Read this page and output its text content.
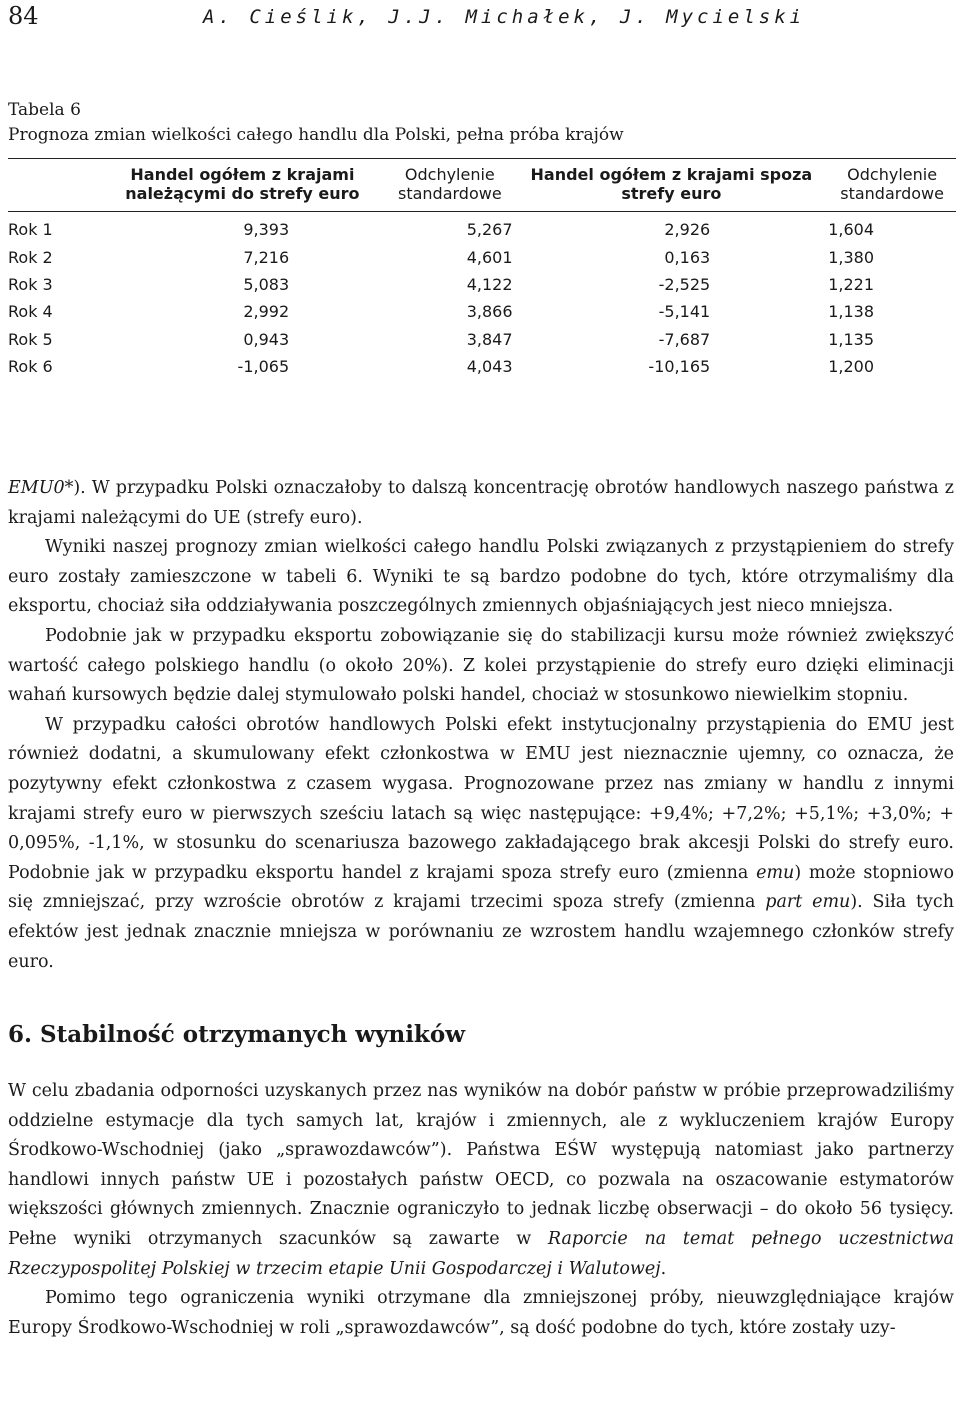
84	A. Cieślik, J.J. Michałek, J. Mycielski
Tabela 6
Prognoza zmian wielkości całego handlu dla Polski, pełna próba krajów
	Handel ogółem z krajami należącymi do strefy euro	Odchylenie standardowe	Handel ogółem z krajami spoza strefy euro	Odchylenie standardowe
Rok 1	9,393	5,267	2,926	1,604
Rok 2	7,216	4,601	0,163	1,380
Rok 3	5,083	4,122	-2,525	1,221
Rok 4	2,992	3,866	-5,141	1,138
Rok 5	0,943	3,847	-7,687	1,135
Rok 6	-1,065	4,043	-10,165	1,200

EMU0*). W przypadku Polski oznaczałoby to dalszą koncentrację obrotów handlowych naszego państwa z krajami należącymi do UE (strefy euro).

Wyniki naszej prognozy zmian wielkości całego handlu Polski związanych z przystąpieniem do strefy euro zostały zamieszczone w tabeli 6. Wyniki te są bardzo podobne do tych, które otrzymaliśmy dla eksportu, chociaż siła oddziaływania poszczególnych zmiennych objaśniających jest nieco mniejsza.

Podobnie jak w przypadku eksportu zobowiązanie się do stabilizacji kursu może również zwiększyć wartość całego polskiego handlu (o około 20%). Z kolei przystąpienie do strefy euro dzięki eliminacji wahań kursowych będzie dalej stymulowało polski handel, chociaż w stosunkowo niewielkim stopniu.

W przypadku całości obrotów handlowych Polski efekt instytucjonalny przystąpienia do EMU jest również dodatni, a skumulowany efekt członkostwa w EMU jest nieznacznie ujemny, co oznacza, że pozytywny efekt członkostwa z czasem wygasa. Prognozowane przez nas zmiany w handlu z innymi krajami strefy euro w pierwszych sześciu latach są więc następujące: +9,4%; +7,2%; +5,1%; +3,0%; + 0,095%, -1,1%, w stosunku do scenariusza bazowego zakładającego brak akcesji Polski do strefy euro. Podobnie jak w przypadku eksportu handel z krajami spoza strefy euro (zmienna emu) może stopniowo się zmniejszać, przy wzroście obrotów z krajami trzecimi spoza strefy (zmienna part emu). Siła tych efektów jest jednak znacznie mniejsza w porównaniu ze wzrostem handlu wzajemnego członków strefy euro.

6. Stabilność otrzymanych wyników

W celu zbadania odporności uzyskanych przez nas wyników na dobór państw w próbie przeprowadziliśmy oddzielne estymacje dla tych samych lat, krajów i zmiennych, ale z wykluczeniem krajów Europy Środkowo-Wschodniej (jako „sprawozdawców”). Państwa EŚW występują natomiast jako partnerzy handlowi innych państw UE i pozostałych państw OECD, co pozwala na oszacowanie estymatorów większości głównych zmiennych. Znacznie ograniczyło to jednak liczbę obserwacji – do około 56 tysięcy. Pełne wyniki otrzymanych szacunków są zawarte w Raporcie na temat pełnego uczestnictwa Rzeczypospolitej Polskiej w trzecim etapie Unii Gospodarczej i Walutowej.

Pomimo tego ograniczenia wyniki otrzymane dla zmniejszonej próby, nieuwzględniające krajów Europy Środkowo-Wschodniej w roli „sprawozdawców”, są dość podobne do tych, które zostały uzy-
